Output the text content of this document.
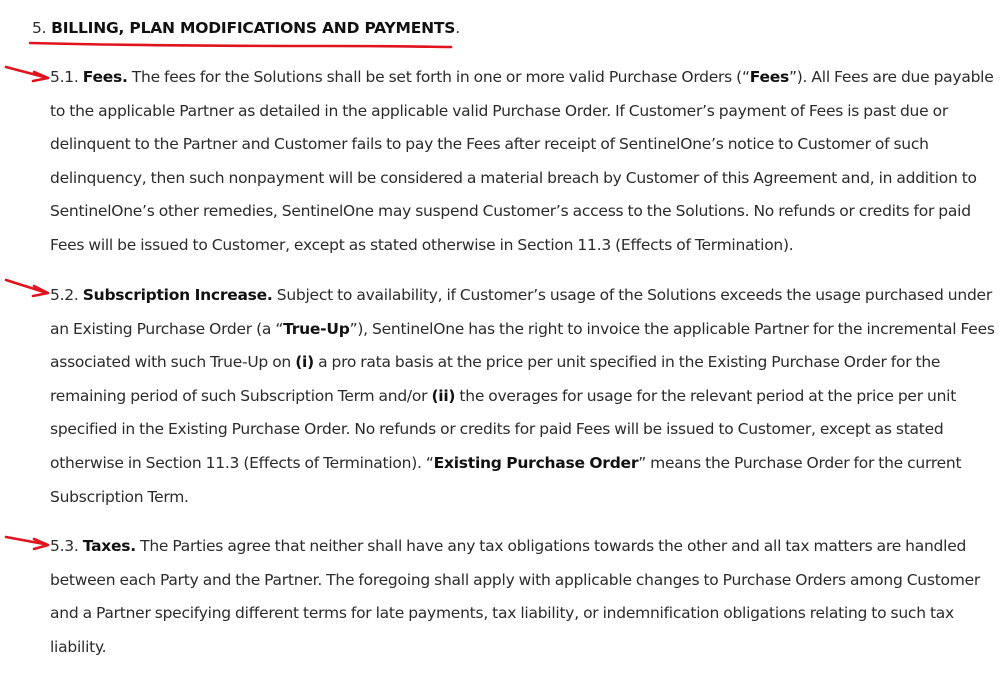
5. BILLING, PLAN MODIFICATIONS AND PAYMENTS.
5.1. Fees. The fees for the Solutions shall be set forth in one or more valid Purchase Orders (“Fees”). All Fees are due payable to the applicable Partner as detailed in the applicable valid Purchase Order. If Customer’s payment of Fees is past due or delinquent to the Partner and Customer fails to pay the Fees after receipt of SentinelOne’s notice to Customer of such delinquency, then such nonpayment will be considered a material breach by Customer of this Agreement and, in addition to SentinelOne’s other remedies, SentinelOne may suspend Customer’s access to the Solutions. No refunds or credits for paid Fees will be issued to Customer, except as stated otherwise in Section 11.3 (Effects of Termination).
5.2. Subscription Increase. Subject to availability, if Customer’s usage of the Solutions exceeds the usage purchased under an Existing Purchase Order (a “True-Up”), SentinelOne has the right to invoice the applicable Partner for the incremental Fees associated with such True-Up on (i) a pro rata basis at the price per unit specified in the Existing Purchase Order for the remaining period of such Subscription Term and/or (ii) the overages for usage for the relevant period at the price per unit specified in the Existing Purchase Order. No refunds or credits for paid Fees will be issued to Customer, except as stated otherwise in Section 11.3 (Effects of Termination). “Existing Purchase Order” means the Purchase Order for the current Subscription Term.
5.3. Taxes. The Parties agree that neither shall have any tax obligations towards the other and all tax matters are handled between each Party and the Partner. The foregoing shall apply with applicable changes to Purchase Orders among Customer and a Partner specifying different terms for late payments, tax liability, or indemnification obligations relating to such tax liability.
